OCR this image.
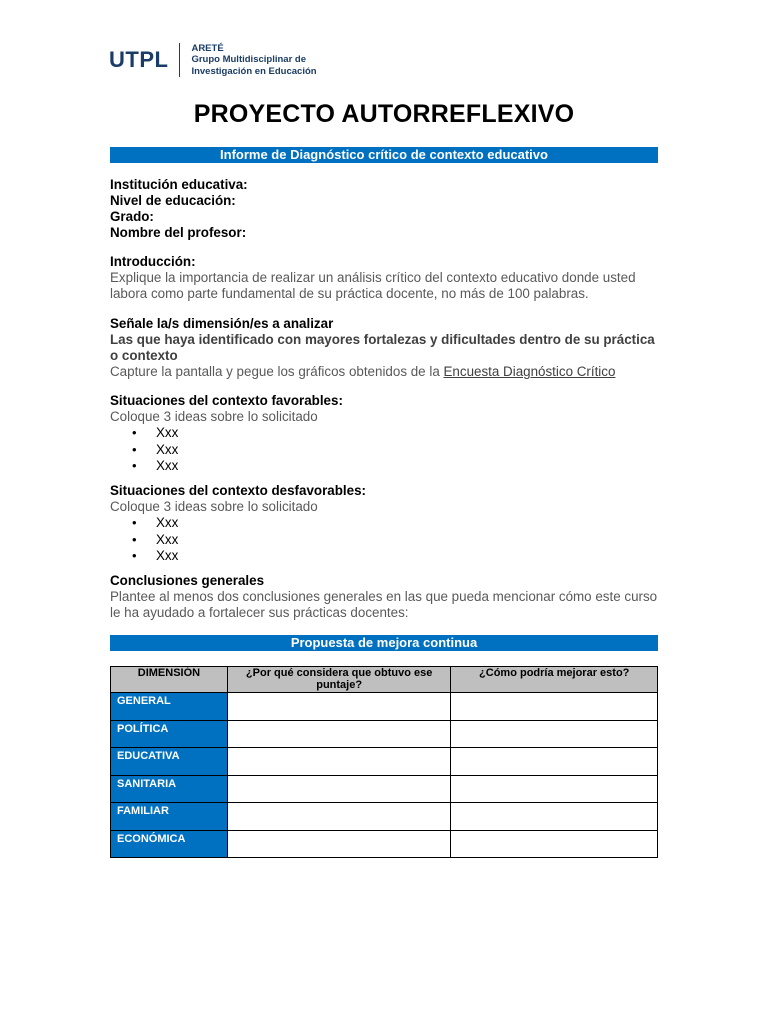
UTPL ARETÉ
Grupo Multidisciplinar de
Investigación en Educación
PROYECTO AUTORREFLEXIVO
Informe de Diagnóstico crítico de contexto educativo
Institución educativa:
Nivel de educación:
Grado:
Nombre del profesor:
Introducción:
Explique la importancia de realizar un análisis crítico del contexto educativo donde usted labora como parte fundamental de su práctica docente, no más de 100 palabras.
Señale la/s dimensión/es a analizar
Las que haya identificado con mayores fortalezas y dificultades dentro de su práctica o contexto
Capture la pantalla y pegue los gráficos obtenidos de la Encuesta Diagnóstico Crítico
Situaciones del contexto favorables:
Coloque 3 ideas sobre lo solicitado
• Xxx
• Xxx
• Xxx
Situaciones del contexto desfavorables:
Coloque 3 ideas sobre lo solicitado
• Xxx
• Xxx
• Xxx
Conclusiones generales
Plantee al menos dos conclusiones generales en las que pueda mencionar cómo este curso le ha ayudado a fortalecer sus prácticas docentes:
Propuesta de mejora continua
DIMENSIÓN	¿Por qué considera que obtuvo ese puntaje?	¿Cómo podría mejorar esto?
GENERAL		
POLÍTICA		
EDUCATIVA		
SANITARIA		
FAMILIAR		
ECONÓMICA		
